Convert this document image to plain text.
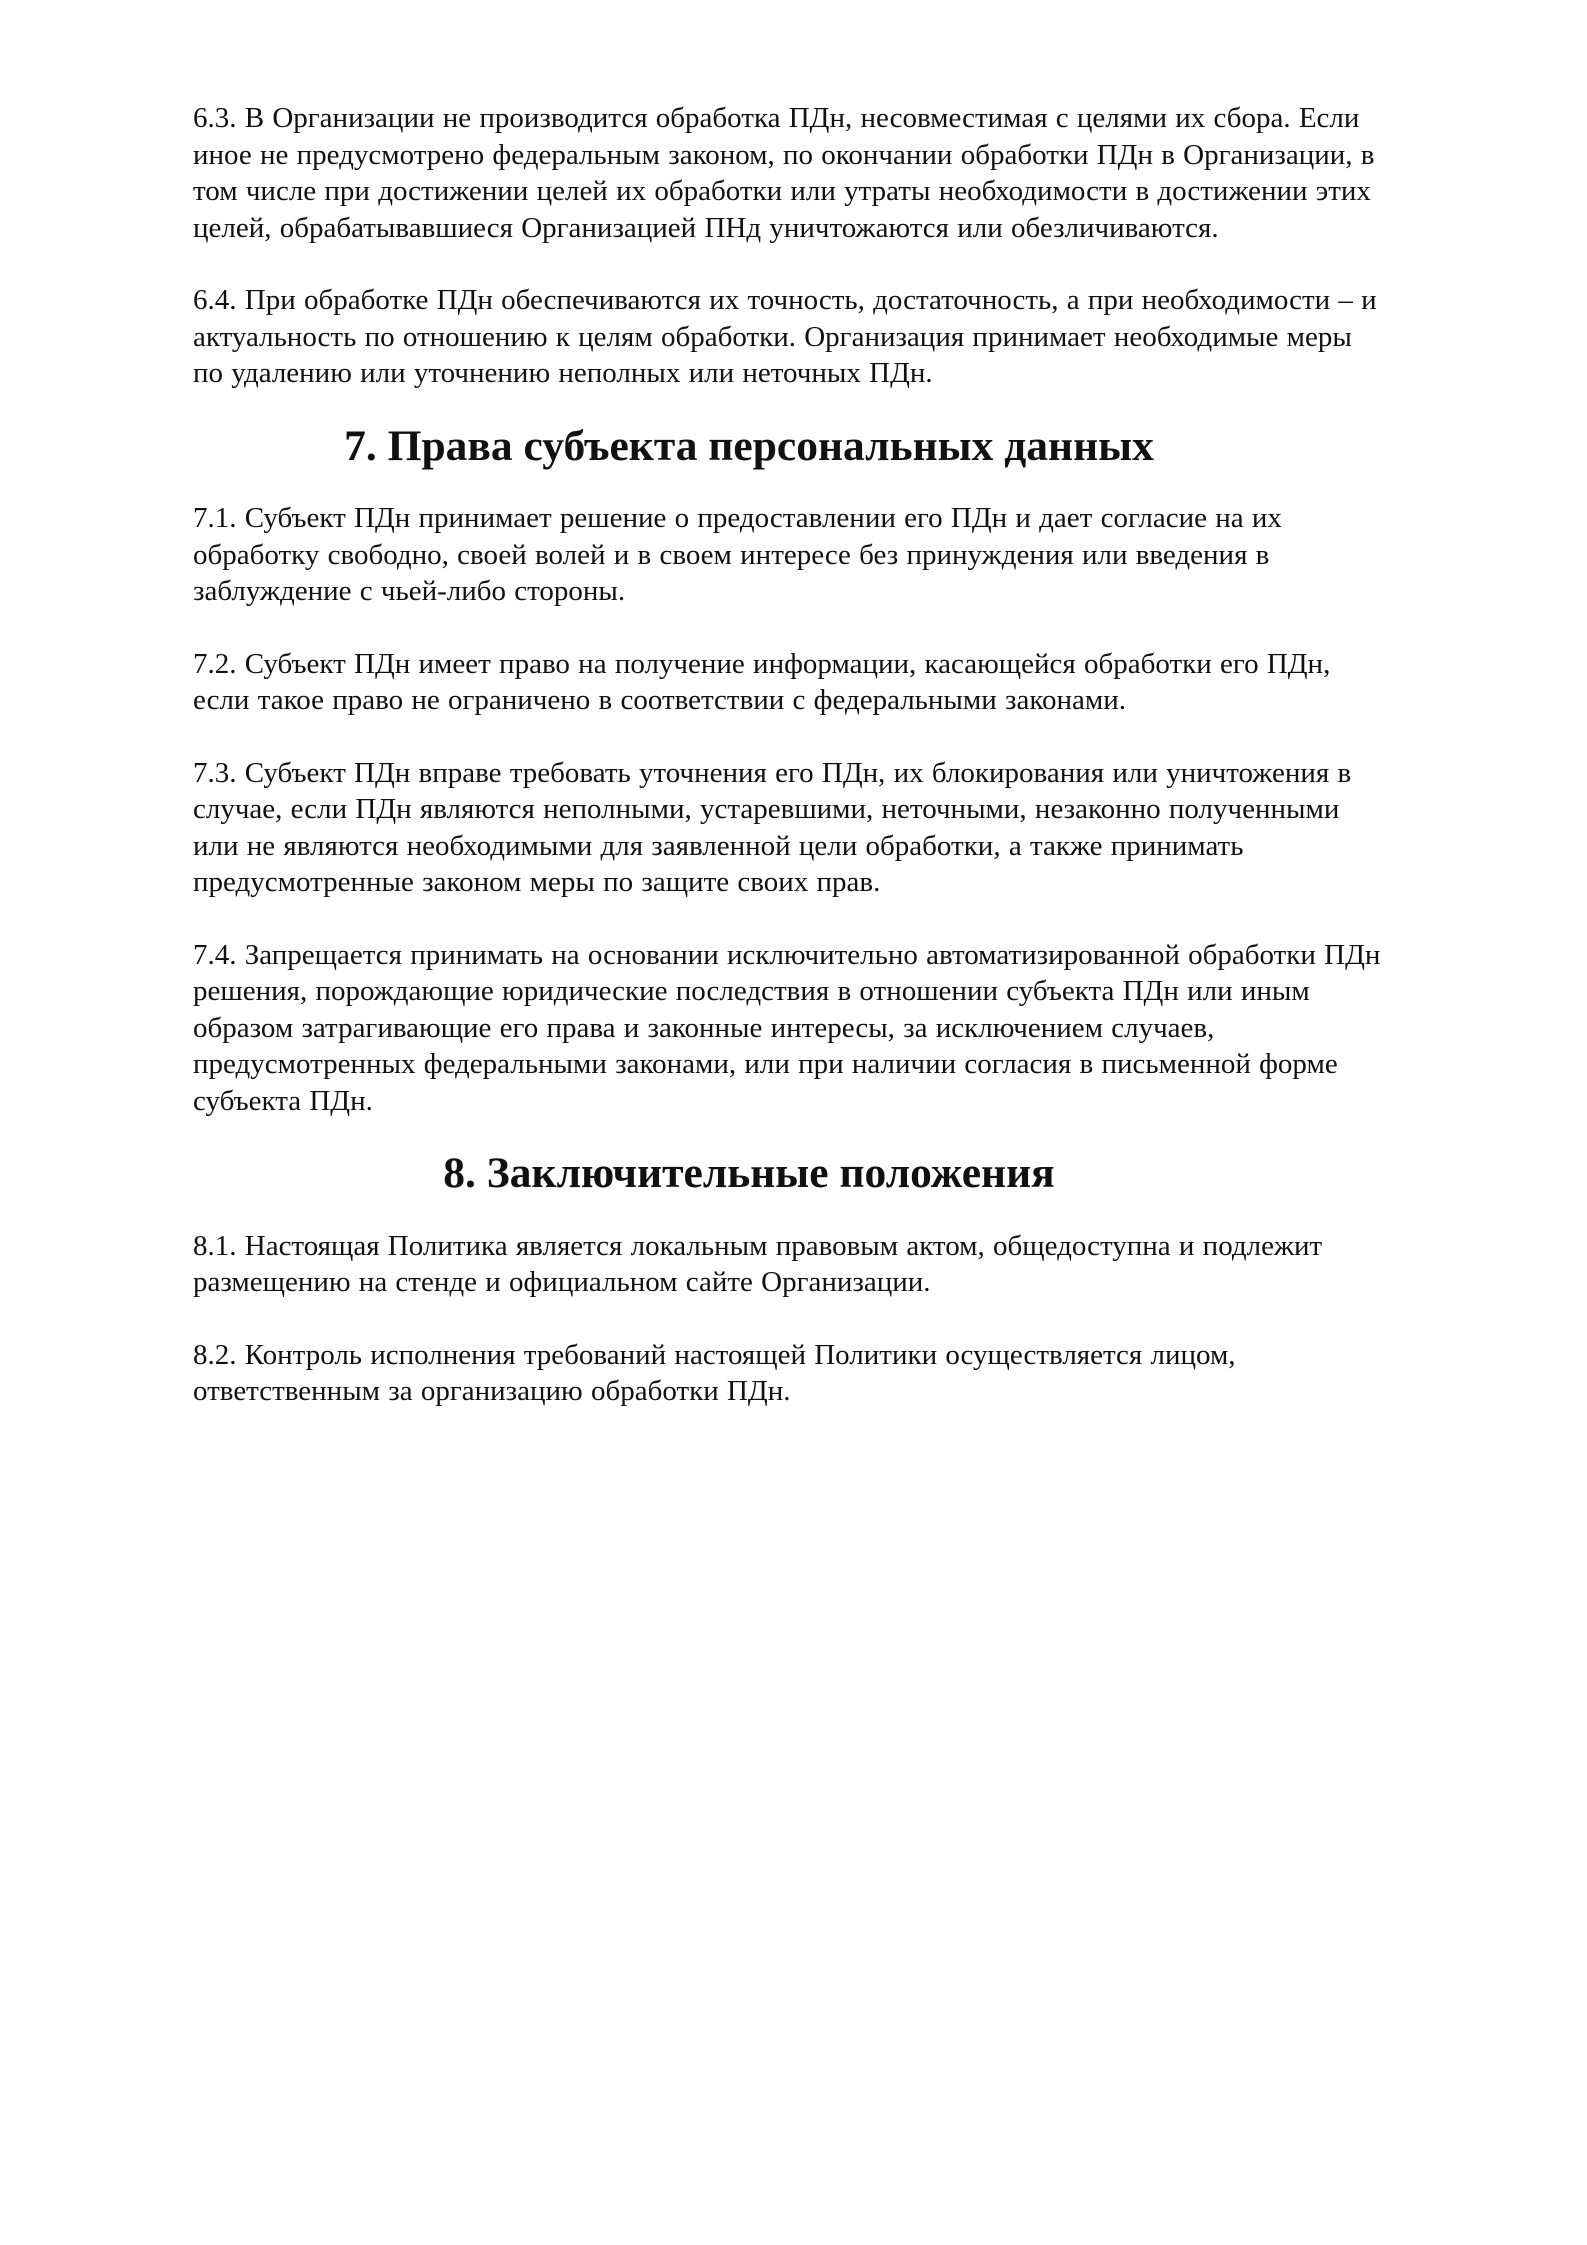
6.3. В Организации не производится обработка ПДн, несовместимая с целями их сбора. Если
иное не предусмотрено федеральным законом, по окончании обработки ПДн в Организации, в
том числе при достижении целей их обработки или утраты необходимости в достижении этих
целей, обрабатывавшиеся Организацией ПНд уничтожаются или обезличиваются.

6.4. При обработке ПДн обеспечиваются их точность, достаточность, а при необходимости – и
актуальность по отношению к целям обработки. Организация принимает необходимые меры
по удалению или уточнению неполных или неточных ПДн.

7. Права субъекта персональных данных

7.1. Субъект ПДн принимает решение о предоставлении его ПДн и дает согласие на их
обработку свободно, своей волей и в своем интересе без принуждения или введения в
заблуждение с чьей-либо стороны.

7.2. Субъект ПДн имеет право на получение информации, касающейся обработки его ПДн,
если такое право не ограничено в соответствии с федеральными законами.

7.3. Субъект ПДн вправе требовать уточнения его ПДн, их блокирования или уничтожения в
случае, если ПДн являются неполными, устаревшими, неточными, незаконно полученными
или не являются необходимыми для заявленной цели обработки, а также принимать
предусмотренные законом меры по защите своих прав.

7.4. Запрещается принимать на основании исключительно автоматизированной обработки ПДн
решения, порождающие юридические последствия в отношении субъекта ПДн или иным
образом затрагивающие его права и законные интересы, за исключением случаев,
предусмотренных федеральными законами, или при наличии согласия в письменной форме
субъекта ПДн.

8. Заключительные положения

8.1. Настоящая Политика является локальным правовым актом, общедоступна и подлежит
размещению на стенде и официальном сайте Организации.

8.2. Контроль исполнения требований настоящей Политики осуществляется лицом,
ответственным за организацию обработки ПДн.
